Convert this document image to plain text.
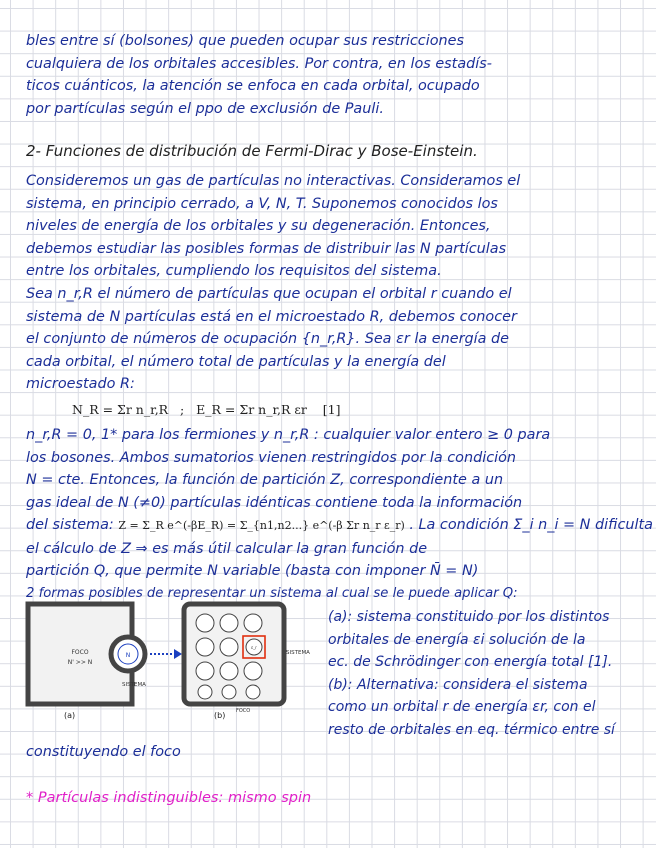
bles entre sí (bolsones) que pueden ocupar sus restricciones

cualquiera de los orbitales accesibles. Por contra, en los estadís-

ticos cuánticos, la atención se enfoca en cada orbital, ocupado

por partículas según el ppo de exclusión de Pauli.

2- Funciones de distribución de Fermi-Dirac y Bose-Einstein.

Consideremos un gas de partículas no interactivas. Consideramos el

sistema, en principio cerrado, a V, N, T. Suponemos conocidos los

niveles de energía de los orbitales y su degeneración. Entonces,

debemos estudiar las posibles formas de distribuir las N partículas

entre los orbitales, cumpliendo los requisitos del sistema.

Sea n_r,R el número de partículas que ocupan el orbital r cuando el

sistema de N partículas está en el microestado R, debemos conocer

el conjunto de números de ocupación {n_r,R}. Sea εr la energía de

cada orbital, el número total de partículas y la energía del

microestado R:

N_R = Σr n_r,R ; E_R = Σr n_r,R εr [1]

n_r,R = 0, 1* para los fermiones y n_r,R : cualquier valor entero ≥ 0 para

los bosones. Ambos sumatorios vienen restringidos por la condición

N = cte. Entonces, la función de partición Z, correspondiente a un

gas ideal de N (≠0) partículas idénticas contiene toda la información

del sistema: Z = Σ_R e^(-βE_R) = Σ_{n1,n2...} e^(-β Σr n_r ε_r) . La condición Σ_i n_i = N dificulta

el cálculo de Z ⇒ es más útil calcular la gran función de

partición Q, que permite N variable (basta con imponer N̄ = N)

2 formas posibles de representar un sistema al cual se le puede aplicar Q:

FOCO
N' >> N
N
SISTEMA
(a)
ε_r
SISTEMA
FOCO
(b)

(a): sistema constituido por los distintos

orbitales de energía εi solución de la

ec. de Schrödinger con energía total [1].

(b): Alternativa: considera el sistema

como un orbital r de energía εr, con el

resto de orbitales en eq. térmico entre sí

constituyendo el foco
* Partículas indistinguibles: mismo spin
